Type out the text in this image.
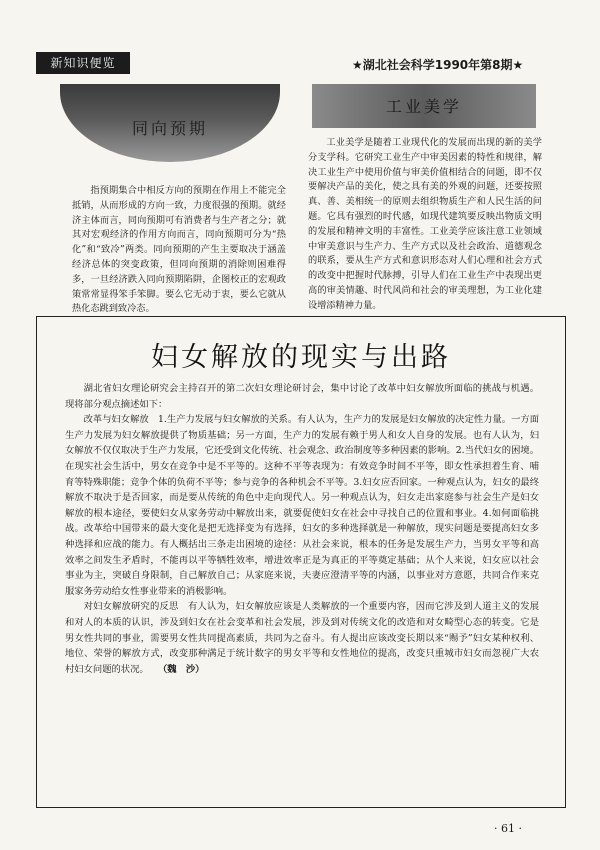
新知识便览	★湖北社会科学1990年第8期★
同向预期

指预期集合中相反方向的预期在作用上不能完全抵销，从而形成的方向一致，力度很强的预期。就经济主体而言，同向预期可有消费者与生产者之分；就其对宏观经济的作用方向而言，同向预期可分为“热化”和“致冷”两类。同向预期的产生主要取决于涵盖经济总体的突变政策，但同向预期的消除则困难得多，一旦经济跌入同向预期陷阱，企图校正的宏观政策常常显得笨手笨脚。要么它无动于衷，要么它就从热化态跳到致冷态。

工业美学

工业美学是随着工业现代化的发展而出现的新的美学分支学科。它研究工业生产中审美因素的特性和规律，解决工业生产中使用价值与审美价值相结合的问题，即不仅要解决产品的美化，使之具有美的外观的问题，还要按照真、善、美相统一的原则去组织物质生产和人民生活的问题。它具有强烈的时代感，如现代建筑要反映出物质文明的发展和精神文明的丰富性。工业美学应该注意工业领域中审美意识与生产力、生产方式以及社会政治、道德观念的联系，要从生产方式和意识形态对人们心理和社会方式的改变中把握时代脉搏，引导人们在工业生产中表现出更高的审美情趣、时代风尚和社会的审美理想，为工业化建设增添精神力量。

妇女解放的现实与出路

湖北省妇女理论研究会主持召开的第二次妇女理论研讨会，集中讨论了改革中妇女解放所面临的挑战与机遇。现将部分观点摘述如下：

改革与妇女解放　1.生产力发展与妇女解放的关系。有人认为，生产力的发展是妇女解放的决定性力量。一方面生产力发展为妇女解放提供了物质基础；另一方面，生产力的发展有赖于男人和女人自身的发展。也有人认为，妇女解放不仅仅取决于生产力发展，它还受到文化传统、社会观念、政治制度等多种因素的影响。2.当代妇女的困境。在现实社会生活中，男女在竞争中是不平等的。这种不平等表现为：有效竞争时间不平等，即女性承担着生育、哺育等特殊职能；竞争个体的负荷不平等；参与竞争的各种机会不平等。3.妇女应否回家。一种观点认为，妇女的最终解放不取决于是否回家，而是要从传统的角色中走向现代人。另一种观点认为，妇女走出家庭参与社会生产是妇女解放的根本途径，要使妇女从家务劳动中解放出来，就要促使妇女在社会中寻找自己的位置和事业。4.如何面临挑战。改革给中国带来的最大变化是把无选择变为有选择，妇女的多种选择就是一种解放，现实问题是要提高妇女多种选择和应战的能力。有人概括出三条走出困境的途径：从社会来说，根本的任务是发展生产力，当男女平等和高效率之间发生矛盾时，不能再以平等牺牲效率，增进效率正是为真正的平等奠定基础；从个人来说，妇女应以社会事业为主，突破自身限制，自己解放自己；从家庭来说，夫妻应澄清平等的内涵，以事业对方意愿，共同合作来克服家务劳动给女性事业带来的消极影响。

对妇女解放研究的反思　有人认为，妇女解放应该是人类解放的一个重要内容，因而它涉及到人道主义的发展和对人的本质的认识，涉及到妇女在社会变革和社会发展，涉及到对传统文化的改造和对女畸型心态的转变。它是男女性共同的事业，需要男女性共同提高素质，共同为之奋斗。有人提出应该改变长期以来“赐予”妇女某种权利、地位、荣誉的解放方式，改变那种满足于统计数字的男女平等和女性地位的提高，改变只重城市妇女而忽视广大农村妇女问题的状况。　　 （魏　沙）

· 61 ·
